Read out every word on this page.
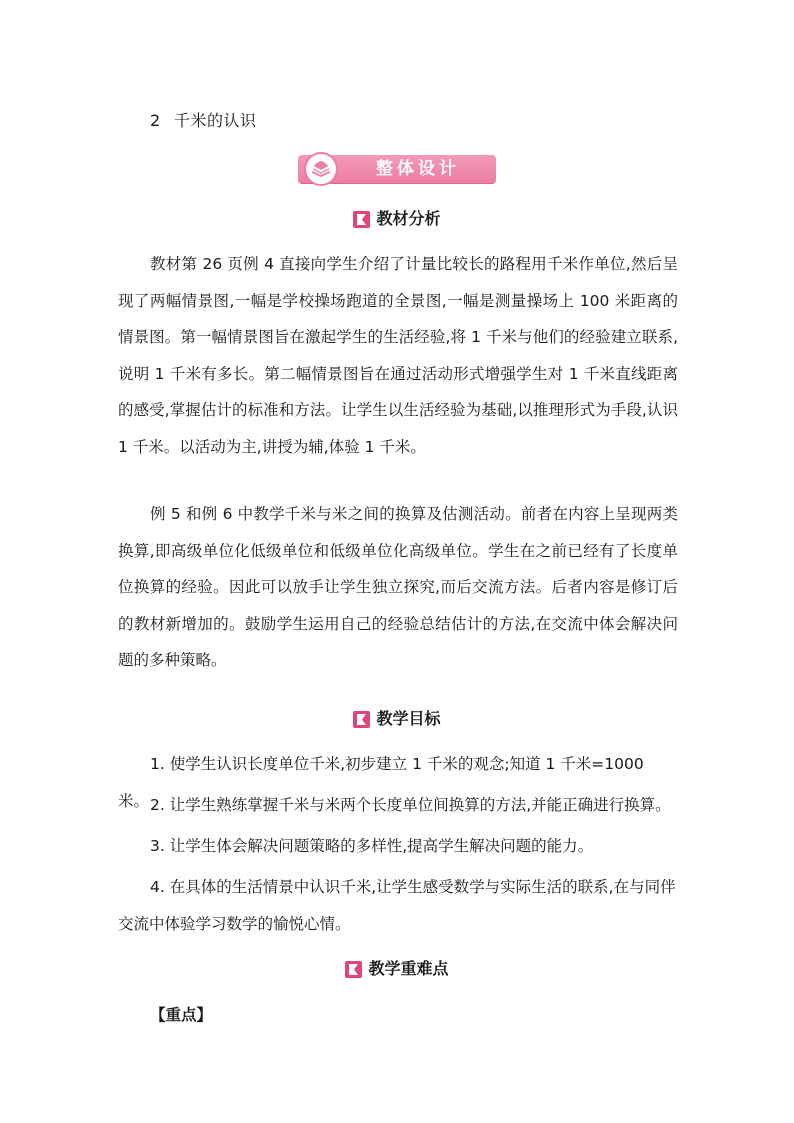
2 千米的认识
整体设计
教材分析

教材第 26 页例 4 直接向学生介绍了计量比较长的路程用千米作单位,然后呈现了两幅情景图,一幅是学校操场跑道的全景图,一幅是测量操场上 100 米距离的情景图。第一幅情景图旨在激起学生的生活经验,将 1 千米与他们的经验建立联系,说明 1 千米有多长。第二幅情景图旨在通过活动形式增强学生对 1 千米直线距离的感受,掌握估计的标准和方法。让学生以生活经验为基础,以推理形式为手段,认识 1 千米。以活动为主,讲授为辅,体验 1 千米。

例 5 和例 6 中教学千米与米之间的换算及估测活动。前者在内容上呈现两类换算,即高级单位化低级单位和低级单位化高级单位。学生在之前已经有了长度单位换算的经验。因此可以放手让学生独立探究,而后交流方法。后者内容是修订后的教材新增加的。鼓励学生运用自己的经验总结估计的方法,在交流中体会解决问题的多种策略。

教学目标

1. 使学生认识长度单位千米,初步建立 1 千米的观念;知道 1 千米=1000 米。 2. 让学生熟练掌握千米与米两个长度单位间换算的方法,并能正确进行换算。

3. 让学生体会解决问题策略的多样性,提高学生解决问题的能力。

4. 在具体的生活情景中认识千米,让学生感受数学与实际生活的联系,在与同伴交流中体验学习数学的愉悦心情。

教学重难点
【重点】
